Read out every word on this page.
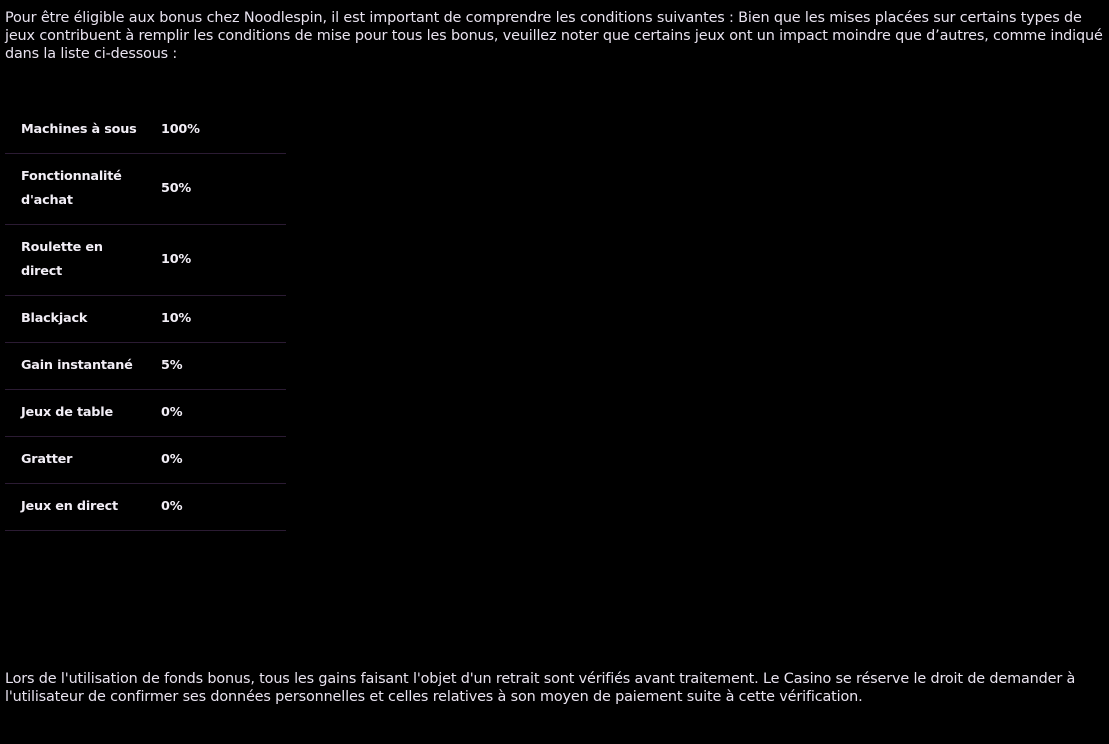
Pour être éligible aux bonus chez Noodlespin, il est important de comprendre les conditions suivantes : Bien que les mises placées sur certains types de jeux contribuent à remplir les conditions de mise pour tous les bonus, veuillez noter que certains jeux ont un impact moindre que d’autres, comme indiqué dans la liste ci-dessous :

Machines à sous	100%
Fonctionnalité d'achat	50%
Roulette en direct	10%
Blackjack	10%
Gain instantané	5%
Jeux de table	0%
Gratter	0%
Jeux en direct	0%

Lors de l'utilisation de fonds bonus, tous les gains faisant l'objet d'un retrait sont vérifiés avant traitement. Le Casino se réserve le droit de demander à l'utilisateur de confirmer ses données personnelles et celles relatives à son moyen de paiement suite à cette vérification.
